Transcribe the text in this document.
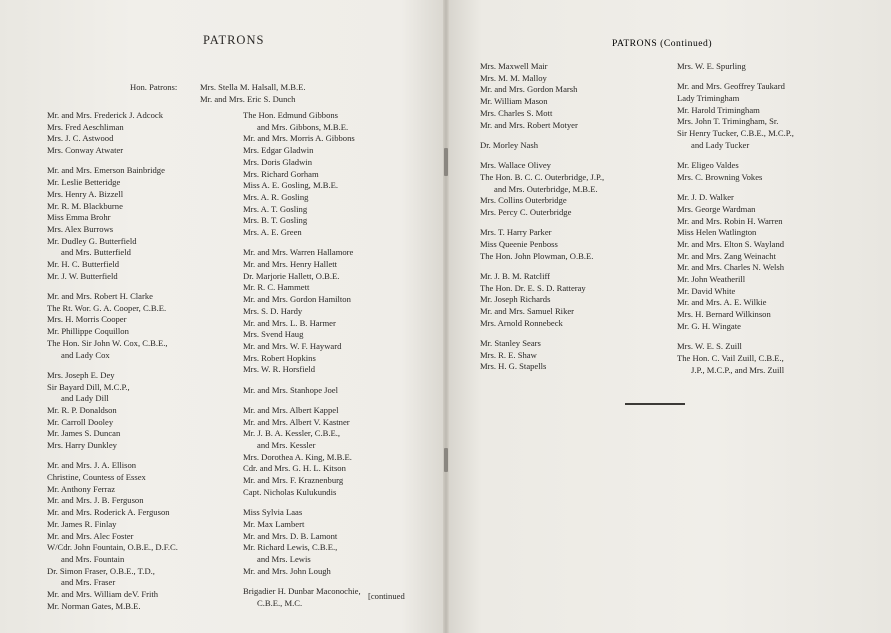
PATRONS
Hon. Patrons:	Mrs. Stella M. Halsall, M.B.E.
Mr. and Mrs. Eric S. Dunch
Mr. and Mrs. Frederick J. Adcock
Mrs. Fred Aeschliman
Mrs. J. C. Astwood
Mrs. Conway Atwater
Mr. and Mrs. Emerson Bainbridge
Mr. Leslie Betteridge
Mrs. Henry A. Bizzell
Mr. R. M. Blackburne
Miss Emma Brohr
Mrs. Alex Burrows
Mr. Dudley G. Butterfield
and Mrs. Butterfield
Mr. H. C. Butterfield
Mr. J. W. Butterfield
Mr. and Mrs. Robert H. Clarke
The Rt. Wor. G. A. Cooper, C.B.E.
Mrs. H. Morris Cooper
Mr. Phillippe Coquillon
The Hon. Sir John W. Cox, C.B.E.,
and Lady Cox
Mrs. Joseph E. Dey
Sir Bayard Dill, M.C.P.,
and Lady Dill
Mr. R. P. Donaldson
Mr. Carroll Dooley
Mr. James S. Duncan
Mrs. Harry Dunkley
Mr. and Mrs. J. A. Ellison
Christine, Countess of Essex
Mr. Anthony Ferraz
Mr. and Mrs. J. B. Ferguson
Mr. and Mrs. Roderick A. Ferguson
Mr. James R. Finlay
Mr. and Mrs. Alec Foster
W/Cdr. John Fountain, O.B.E., D.F.C.
and Mrs. Fountain
Dr. Simon Fraser, O.B.E., T.D.,
and Mrs. Fraser
Mr. and Mrs. William deV. Frith
Mr. Norman Gates, M.B.E.
The Hon. Edmund Gibbons
and Mrs. Gibbons, M.B.E.
Mr. and Mrs. Morris A. Gibbons
Mrs. Edgar Gladwin
Mrs. Doris Gladwin
Mrs. Richard Gorham
Miss A. E. Gosling, M.B.E.
Mrs. A. R. Gosling
Mrs. A. T. Gosling
Mrs. B. T. Gosling
Mrs. A. E. Green
Mr. and Mrs. Warren Hallamore
Mr. and Mrs. Henry Hallett
Dr. Marjorie Hallett, O.B.E.
Mr. R. C. Hammett
Mr. and Mrs. Gordon Hamilton
Mrs. S. D. Hardy
Mr. and Mrs. L. B. Harmer
Mrs. Svend Haug
Mr. and Mrs. W. F. Hayward
Mrs. Robert Hopkins
Mrs. W. R. Horsfield
Mr. and Mrs. Stanhope Joel
Mr. and Mrs. Albert Kappel
Mr. and Mrs. Albert V. Kastner
Mr. J. B. A. Kessler, C.B.E.,
and Mrs. Kessler
Mrs. Dorothea A. King, M.B.E.
Cdr. and Mrs. G. H. L. Kitson
Mr. and Mrs. F. Kraznenburg
Capt. Nicholas Kulukundis
Miss Sylvia Laas
Mr. Max Lambert
Mr. and Mrs. D. B. Lamont
Mr. Richard Lewis, C.B.E.,
and Mrs. Lewis
Mr. and Mrs. John Lough
Brigadier H. Dunbar Maconochie,
C.B.E., M.C.
[continued
Mrs. Maxwell Mair
Mrs. M. M. Malloy
Mr. and Mrs. Gordon Marsh
Mr. William Mason
Mrs. Charles S. Mott
Mr. and Mrs. Robert Motyer
Dr. Morley Nash
Mrs. Wallace Olivey
The Hon. B. C. C. Outerbridge, J.P.,
and Mrs. Outerbridge, M.B.E.
Mrs. Collins Outerbridge
Mrs. Percy C. Outerbridge
Mrs. T. Harry Parker
Miss Queenie Penboss
The Hon. John Plowman, O.B.E.
Mr. J. B. M. Ratcliff
The Hon. Dr. E. S. D. Ratteray
Mr. Joseph Richards
Mr. and Mrs. Samuel Riker
Mrs. Arnold Ronnebeck
Mr. Stanley Sears
Mrs. R. E. Shaw
Mrs. H. G. Stapells
Mrs. W. E. Spurling
Mr. and Mrs. Geoffrey Taukard
Lady Trimingham
Mr. Harold Trimingham
Mrs. John T. Trimingham, Sr.
Sir Henry Tucker, C.B.E., M.C.P.,
and Lady Tucker
Mr. Eligeo Valdes
Mrs. C. Browning Vokes
Mr. J. D. Walker
Mrs. George Wardman
Mr. and Mrs. Robin H. Warren
Miss Helen Watlington
Mr. and Mrs. Elton S. Wayland
Mr. and Mrs. Zang Weinacht
Mr. and Mrs. Charles N. Welsh
Mr. John Weatherill
Mr. David White
Mr. and Mrs. A. E. Wilkie
Mrs. H. Bernard Wilkinson
Mr. G. H. Wingate
Mrs. W. E. S. Zuill
The Hon. C. Vail Zuill, C.B.E.,
J.P., M.C.P., and Mrs. Zuill
PATRONS (Continued)
